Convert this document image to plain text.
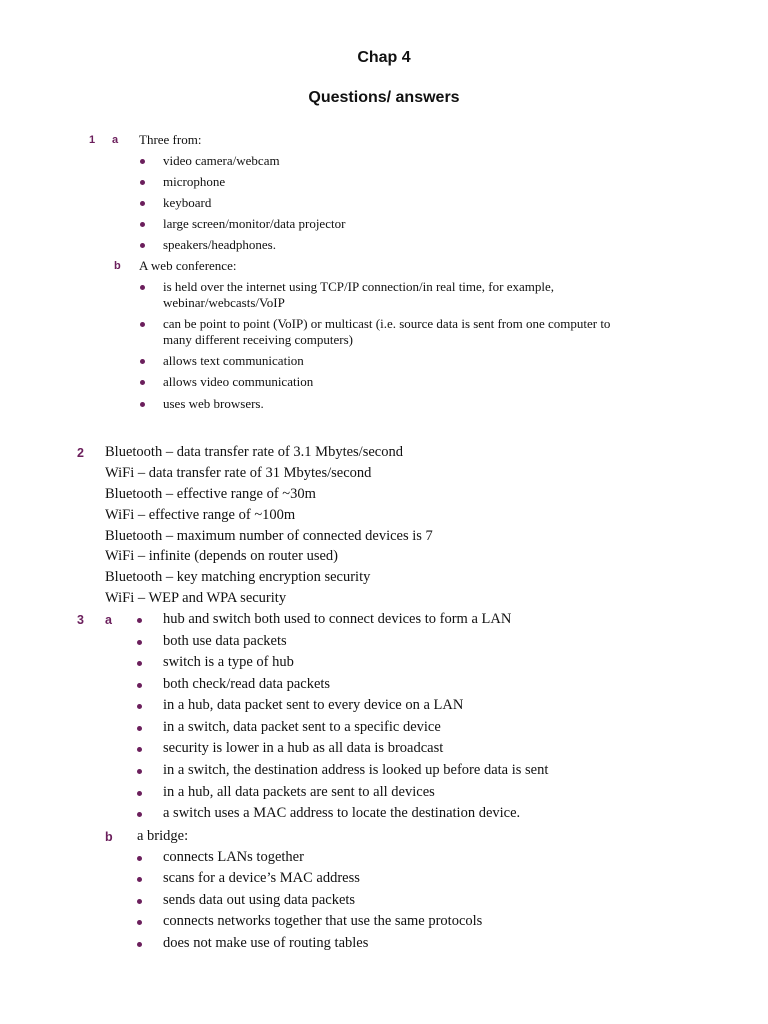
Chap 4
Questions/ answers
1 a Three from:
video camera/webcam
microphone
keyboard
large screen/monitor/data projector
speakers/headphones.
b A web conference:
is held over the internet using TCP/IP connection/in real time, for example,
webinar/webcasts/VoIP
can be point to point (VoIP) or multicast (i.e. source data is sent from one computer to
many different receiving computers)
allows text communication
allows video communication
uses web browsers.
2 Bluetooth – data transfer rate of 3.1 Mbytes/second
WiFi – data transfer rate of 31 Mbytes/second
Bluetooth – effective range of ~30m
WiFi – effective range of ~100m
Bluetooth – maximum number of connected devices is 7
WiFi – infinite (depends on router used)
Bluetooth – key matching encryption security
WiFi – WEP and WPA security
3 a	hub and switch both used to connect devices to form a LAN
both use data packets
switch is a type of hub
both check/read data packets
in a hub, data packet sent to every device on a LAN
in a switch, data packet sent to a specific device
security is lower in a hub as all data is broadcast
in a switch, the destination address is looked up before data is sent
in a hub, all data packets are sent to all devices
a switch uses a MAC address to locate the destination device.
b a bridge:
connects LANs together
scans for a device’s MAC address
sends data out using data packets
connects networks together that use the same protocols
does not make use of routing tables
